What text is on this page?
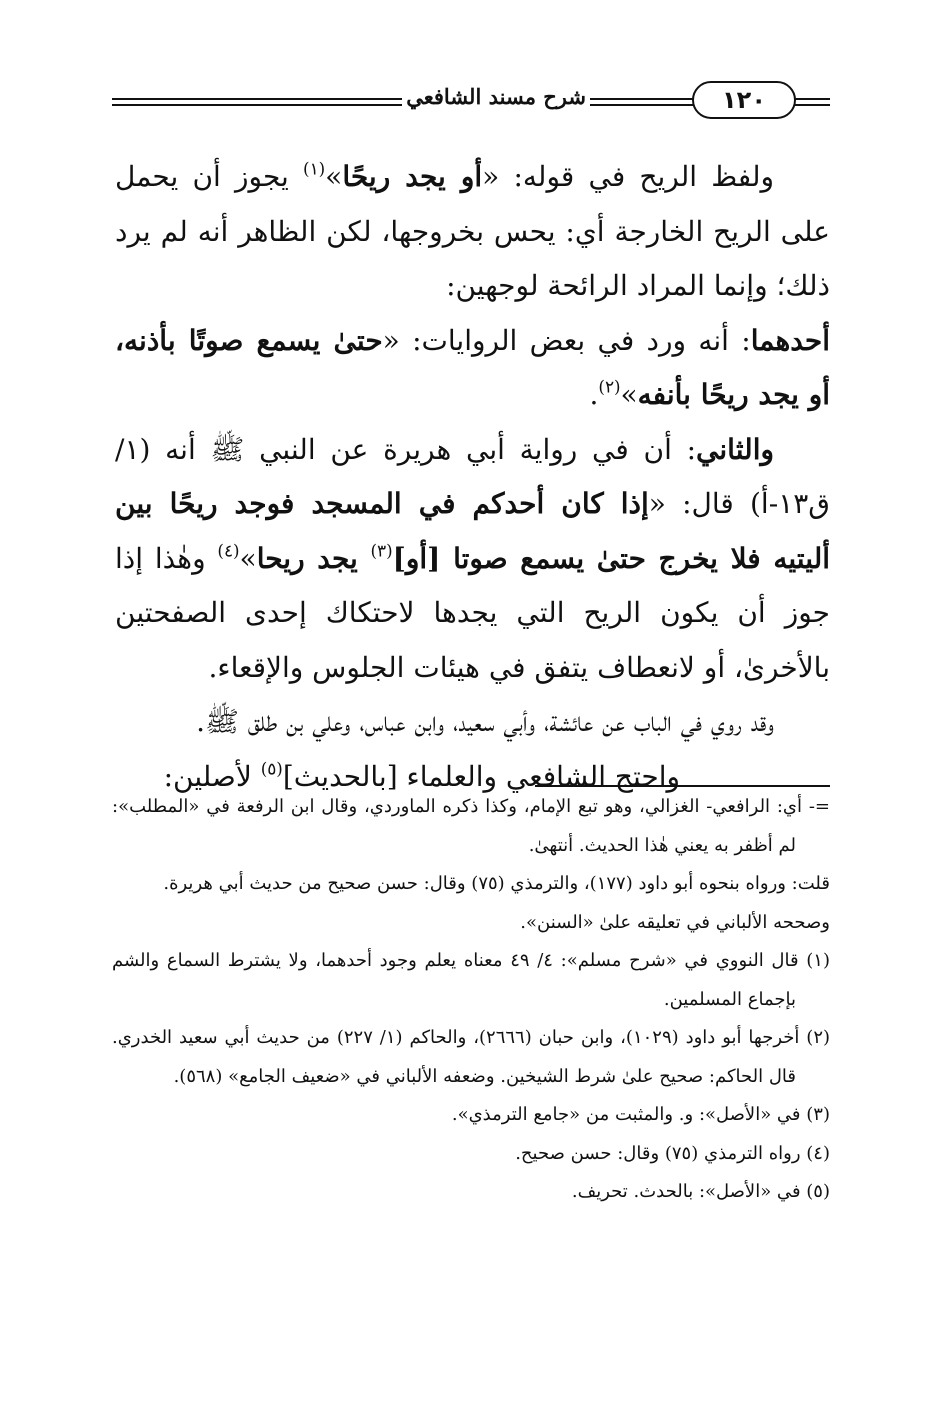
شرح مسند الشافعي	١٢٠

ولفظ الريح في قوله: «أو يجد ريحًا»$^{(١)}$ يجوز أن يحمل على الريح الخارجة أي: يحس بخروجها، لكن الظاهر أنه لم يرد ذلك؛ وإنما المراد الرائحة لوجهين:

أحدهما: أنه ورد في بعض الروايات: «حتىٰ يسمع صوتًا بأذنه، أو يجد ريحًا بأنفه»$^{(٢)}$.

والثاني: أن في رواية أبي هريرة عن النبي ﷺ أنه (١/ق١٣-أ) قال: «إذا كان أحدكم في المسجد فوجد ريحًا بين أليتيه فلا يخرج حتىٰ يسمع صوتا [أو]$^{(٣)}$ يجد ريحا»$^{(٤)}$ وهٰذا إذا جوز أن يكون الريح التي يجدها لاحتكاك إحدى الصفحتين بالأخرىٰ، أو لانعطاف يتفق في هيئات الجلوس والإقعاء.

وقد روي في الباب عن عائشة، وأبي سعيد، وابن عباس، وعلي بن طلق ﷺ.

واحتج الشافعي والعلماء [بالحديث]$^{(٥)}$ لأصلين:

=- أي: الرافعي- الغزالي، وهو تبع الإمام، وكذا ذكره الماوردي، وقال ابن الرفعة في «المطلب»: لم أظفر به يعني هٰذا الحديث. أنتهىٰ.

قلت: ورواه بنحوه أبو داود (١٧٧)، والترمذي (٧٥) وقال: حسن صحيح من حديث أبي هريرة.

وصححه الألباني في تعليقه علىٰ «السنن».

(١) قال النووي في «شرح مسلم»: ٤/ ٤٩ معناه يعلم وجود أحدهما، ولا يشترط السماع والشم بإجماع المسلمين.

(٢) أخرجها أبو داود (١٠٢٩)، وابن حبان (٢٦٦٦)، والحاكم (١/ ٢٢٧) من حديث أبي سعيد الخدري. قال الحاكم: صحيح علىٰ شرط الشيخين. وضعفه الألباني في «ضعيف الجامع» (٥٦٨).

(٣) في «الأصل»: و. والمثبت من «جامع الترمذي».

(٤) رواه الترمذي (٧٥) وقال: حسن صحيح.

(٥) في «الأصل»: بالحدث. تحريف.
